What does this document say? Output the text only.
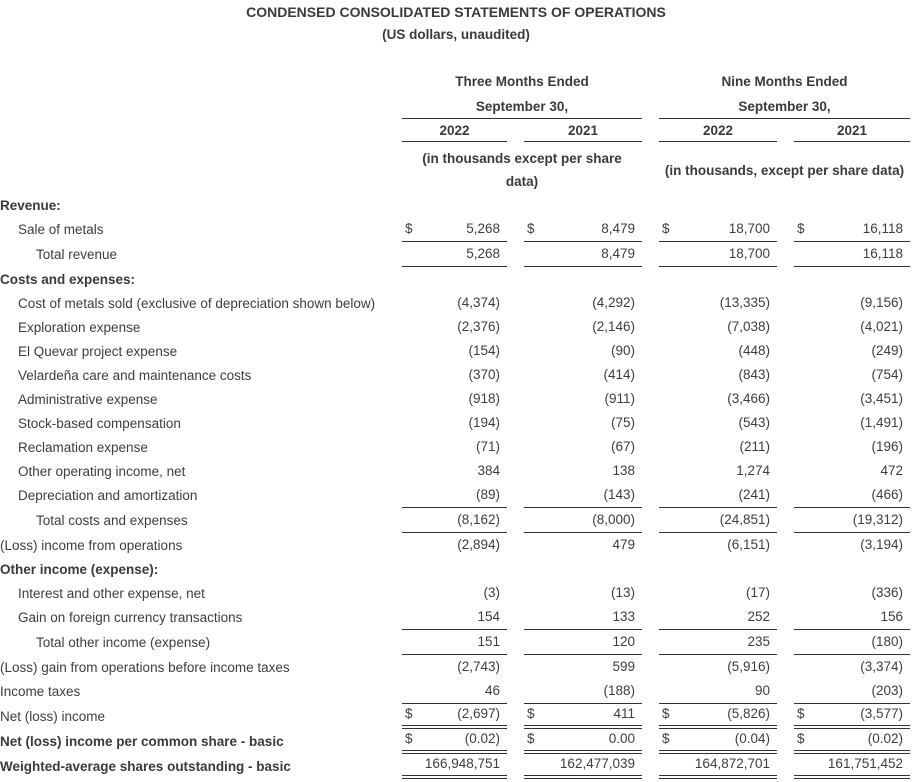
CONDENSED CONSOLIDATED STATEMENTS OF OPERATIONS
(US dollars, unaudited)
Three Months Ended
September 30,
2022	2021
(in thousands except per share data)
Nine Months Ended
September 30,
2022	2021
(in thousands, except per share data)
Revenue:
Sale of metals	$	5,268 $	8,479 $	18,700 $	16,118
Total revenue	5,268	8,479	18,700	16,118
Costs and expenses:
Cost of metals sold (exclusive of depreciation shown below)	(4,374)	(4,292)	(13,335)	(9,156)
Exploration expense	(2,376)	(2,146)	(7,038)	(4,021)
El Quevar project expense	(154)	(90)	(448)	(249)
Velardeña care and maintenance costs	(370)	(414)	(843)	(754)
Administrative expense	(918)	(911)	(3,466)	(3,451)
Stock-based compensation	(194)	(75)	(543)	(1,491)
Reclamation expense	(71)	(67)	(211)	(196)
Other operating income, net	384	138	1,274	472
Depreciation and amortization	(89)	(143)	(241)	(466)
Total costs and expenses	(8,162)	(8,000)	(24,851)	(19,312)
(Loss) income from operations	(2,894)	479	(6,151)	(3,194)
Other income (expense):
Interest and other expense, net	(3)	(13)	(17)	(336)
Gain on foreign currency transactions	154	133	252	156
Total other income (expense)	151	120	235	(180)
(Loss) gain from operations before income taxes	(2,743)	599	(5,916)	(3,374)
Income taxes	46	(188)	90	(203)
Net (loss) income	$	(2,697) $	411 $	(5,826) $	(3,577)
Net (loss) income per common share - basic	$	(0.02) $	0.00 $	(0.04) $	(0.02)
Weighted-average shares outstanding - basic	166,948,751	162,477,039	164,872,701	161,751,452
